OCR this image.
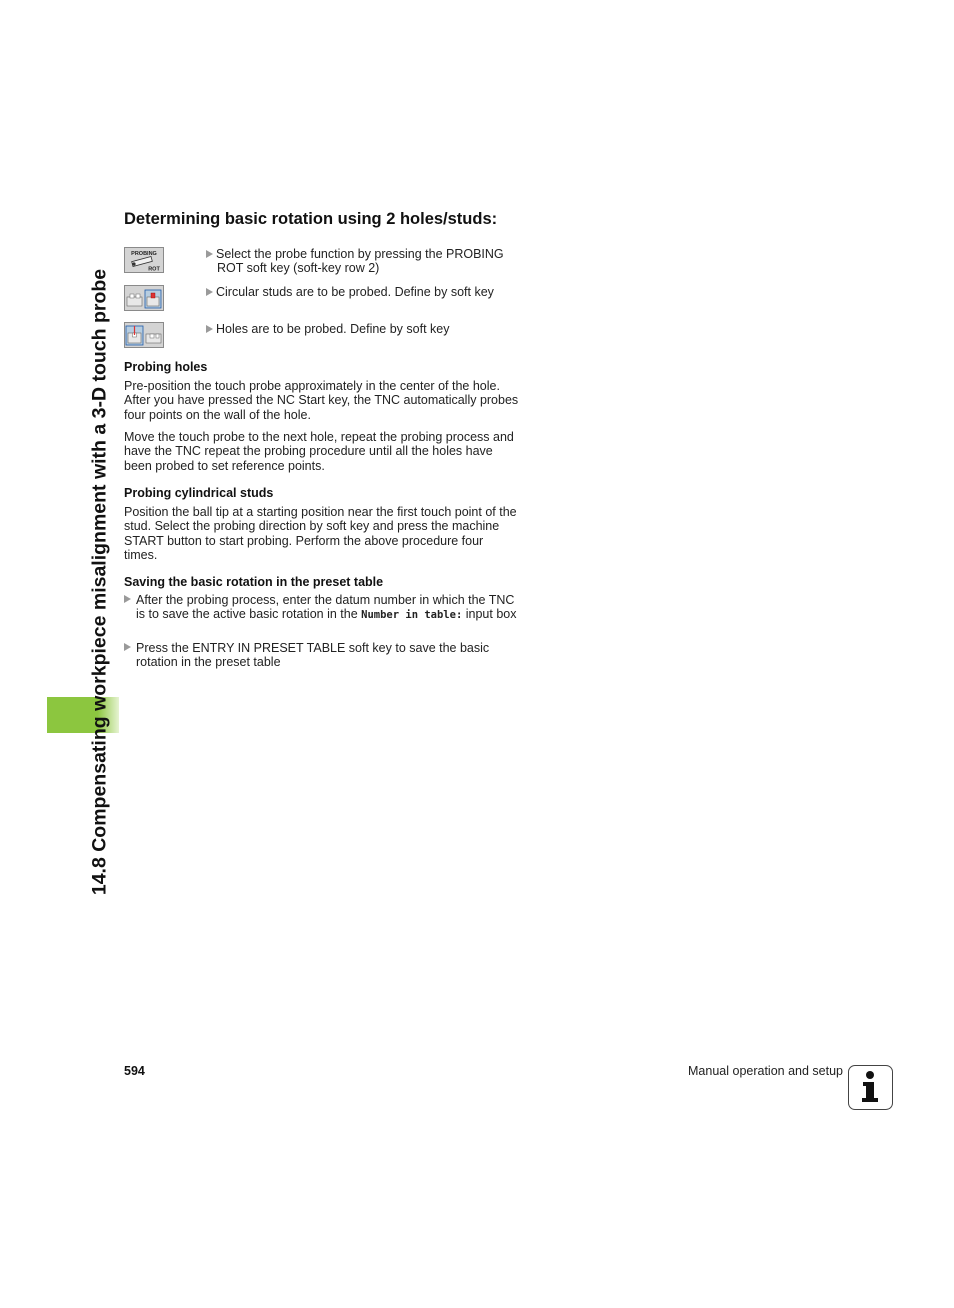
14.8 Compensating workpiece misalignment with a 3-D touch probe
Determining basic rotation using 2 holes/studs:
PROBING
ROT
Select the probe function by pressing the PROBING
ROT soft key (soft-key row 2)
Circular studs are to be probed. Define by soft key
Holes are to be probed. Define by soft key
Probing holes

Pre-position the touch probe approximately in the center of the hole. After you have pressed the NC Start key, the TNC automatically probes four points on the wall of the hole.

Move the touch probe to the next hole, repeat the probing process and have the TNC repeat the probing procedure until all the holes have been probed to set reference points.

Probing cylindrical studs

Position the ball tip at a starting position near the first touch point of the stud. Select the probing direction by soft key and press the machine START button to start probing. Perform the above procedure four times.

Saving the basic rotation in the preset table
After the probing process, enter the datum number in which the TNC is to save the active basic rotation in the Number in table: input box
Press the ENTRY IN PRESET TABLE soft key to save the basic rotation in the preset table
594	Manual operation and setup
